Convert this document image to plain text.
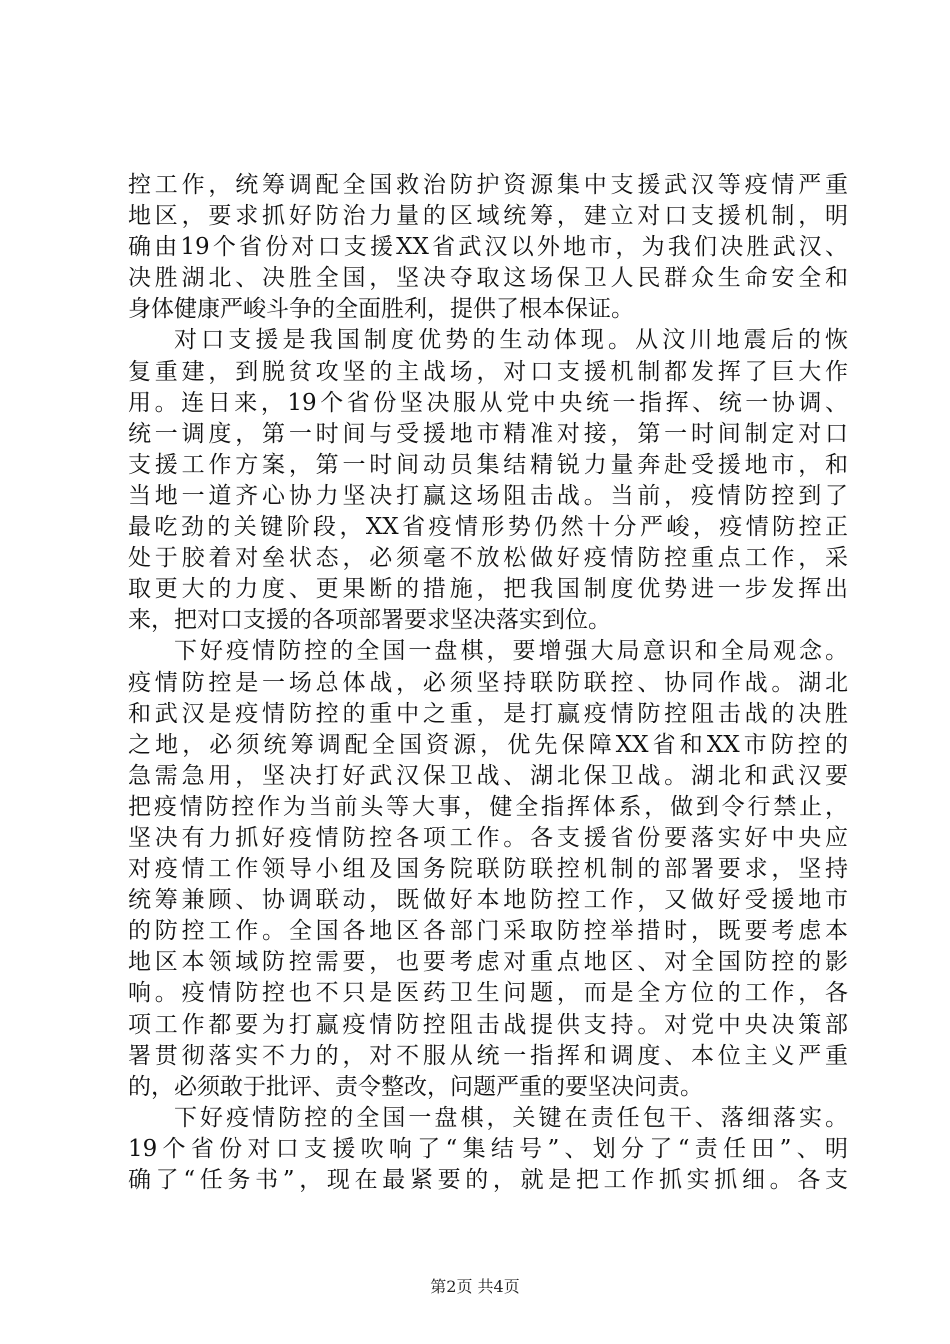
控工作，统筹调配全国救治防护资源集中支援武汉等疫情严重
地区，要求抓好防治力量的区域统筹，建立对口支援机制，明
确由19个省份对口支援XX省武汉以外地市，为我们决胜武汉、
决胜湖北、决胜全国，坚决夺取这场保卫人民群众生命安全和
身体健康严峻斗争的全面胜利，提供了根本保证。
对口支援是我国制度优势的生动体现。从汶川地震后的恢
复重建，到脱贫攻坚的主战场，对口支援机制都发挥了巨大作
用。连日来，19个省份坚决服从党中央统一指挥、统一协调、
统一调度，第一时间与受援地市精准对接，第一时间制定对口
支援工作方案，第一时间动员集结精锐力量奔赴受援地市，和
当地一道齐心协力坚决打赢这场阻击战。当前，疫情防控到了
最吃劲的关键阶段，XX省疫情形势仍然十分严峻，疫情防控正
处于胶着对垒状态，必须毫不放松做好疫情防控重点工作，采
取更大的力度、更果断的措施，把我国制度优势进一步发挥出
来，把对口支援的各项部署要求坚决落实到位。
下好疫情防控的全国一盘棋，要增强大局意识和全局观念。
疫情防控是一场总体战，必须坚持联防联控、协同作战。湖北
和武汉是疫情防控的重中之重，是打赢疫情防控阻击战的决胜
之地，必须统筹调配全国资源，优先保障XX省和XX市防控的
急需急用，坚决打好武汉保卫战、湖北保卫战。湖北和武汉要
把疫情防控作为当前头等大事，健全指挥体系，做到令行禁止，
坚决有力抓好疫情防控各项工作。各支援省份要落实好中央应
对疫情工作领导小组及国务院联防联控机制的部署要求，坚持
统筹兼顾、协调联动，既做好本地防控工作，又做好受援地市
的防控工作。全国各地区各部门采取防控举措时，既要考虑本
地区本领域防控需要，也要考虑对重点地区、对全国防控的影
响。疫情防控也不只是医药卫生问题，而是全方位的工作，各
项工作都要为打赢疫情防控阻击战提供支持。对党中央决策部
署贯彻落实不力的，对不服从统一指挥和调度、本位主义严重
的，必须敢于批评、责令整改，问题严重的要坚决问责。
下好疫情防控的全国一盘棋，关键在责任包干、落细落实。
19个省份对口支援吹响了“集结号”、划分了“责任田”、明
确了“任务书”，现在最紧要的，就是把工作抓实抓细。各支
第2页 共4页
